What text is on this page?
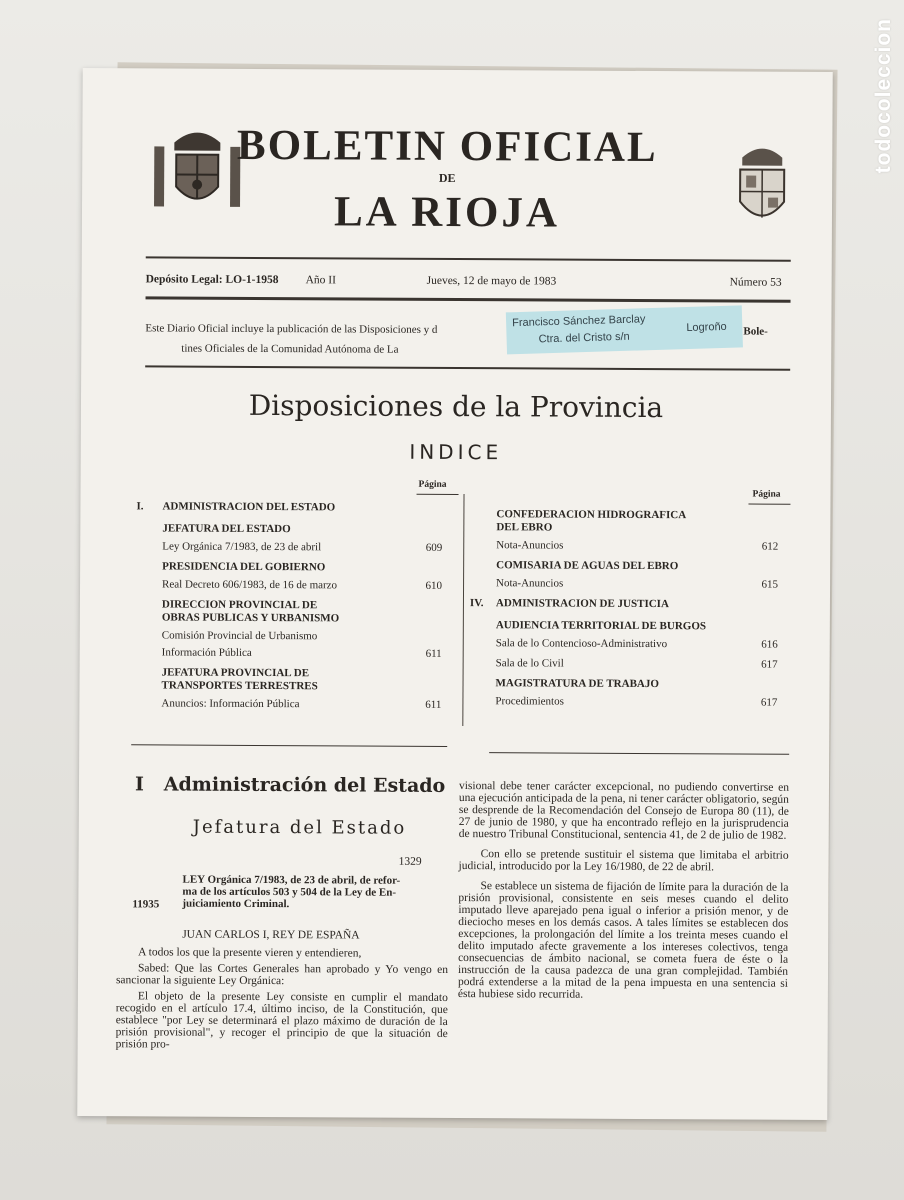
BOLETIN OFICIAL
DE
LA RIOJA
Depósito Legal: LO-1-1958 Año II	Jueves, 12 de mayo de 1983	Número 53
Este Diario Oficial incluye la publicación de las Disposiciones y d	Bole-
tines Oficiales de la Comunidad Autónoma de La
Francisco Sánchez Barclay
Ctra. del Cristo s/n
Logroño
Disposiciones de la Provincia
INDICE
Página
Página
I. ADMINISTRACION DEL ESTADO
JEFATURA DEL ESTADO
Ley Orgánica 7/1983, de 23 de abril	609
PRESIDENCIA DEL GOBIERNO
Real Decreto 606/1983, de 16 de marzo	610
DIRECCION PROVINCIAL DE
OBRAS PUBLICAS Y URBANISMO
Comisión Provincial de Urbanismo
Información Pública	611
JEFATURA PROVINCIAL DE
TRANSPORTES TERRESTRES
Anuncios: Información Pública	611
CONFEDERACION HIDROGRAFICA
DEL EBRO
Nota-Anuncios	612
COMISARIA DE AGUAS DEL EBRO
Nota-Anuncios	615
IV. ADMINISTRACION DE JUSTICIA
AUDIENCIA TERRITORIAL DE BURGOS
Sala de lo Contencioso-Administrativo	616
Sala de lo Civil	617
MAGISTRATURA DE TRABAJO
Procedimientos	617
I Administración del Estado
Jefatura del Estado
1329
11935
LEY Orgánica 7/1983, de 23 de abril, de refor-
ma de los artículos 503 y 504 de la Ley de En-
juiciamiento Criminal.
JUAN CARLOS I, REY DE ESPAÑA

A todos los que la presente vieren y entendieren,

Sabed: Que las Cortes Generales han aprobado y Yo vengo en sancionar la siguiente Ley Orgánica:

El objeto de la presente Ley consiste en cumplir el mandato recogido en el artículo 17.4, último inciso, de la Constitución, que establece "por Ley se determinará el plazo máximo de duración de la prisión provisional", y recoger el principio de que la situación de prisión pro-

visional debe tener carácter excepcional, no pudiendo convertirse en una ejecución anticipada de la pena, ni tener carácter obligatorio, según se desprende de la Recomendación del Consejo de Europa 80 (11), de 27 de junio de 1980, y que ha encontrado reflejo en la jurisprudencia de nuestro Tribunal Constitucional, sentencia 41, de 2 de julio de 1982.

Con ello se pretende sustituir el sistema que limitaba el arbitrio judicial, introducido por la Ley 16/1980, de 22 de abril.

Se establece un sistema de fijación de límite para la duración de la prisión provisional, consistente en seis meses cuando el delito imputado lleve aparejado pena igual o inferior a prisión menor, y de dieciocho meses en los demás casos. A tales límites se establecen dos excepciones, la prolongación del límite a los treinta meses cuando el delito imputado afecte gravemente a los intereses colectivos, tenga consecuencias de ámbito nacional, se cometa fuera de éste o la instrucción de la causa padezca de una gran complejidad. También podrá extenderse a la mitad de la pena impuesta en una sentencia si ésta hubiese sido recurrida.

todocoleccion
